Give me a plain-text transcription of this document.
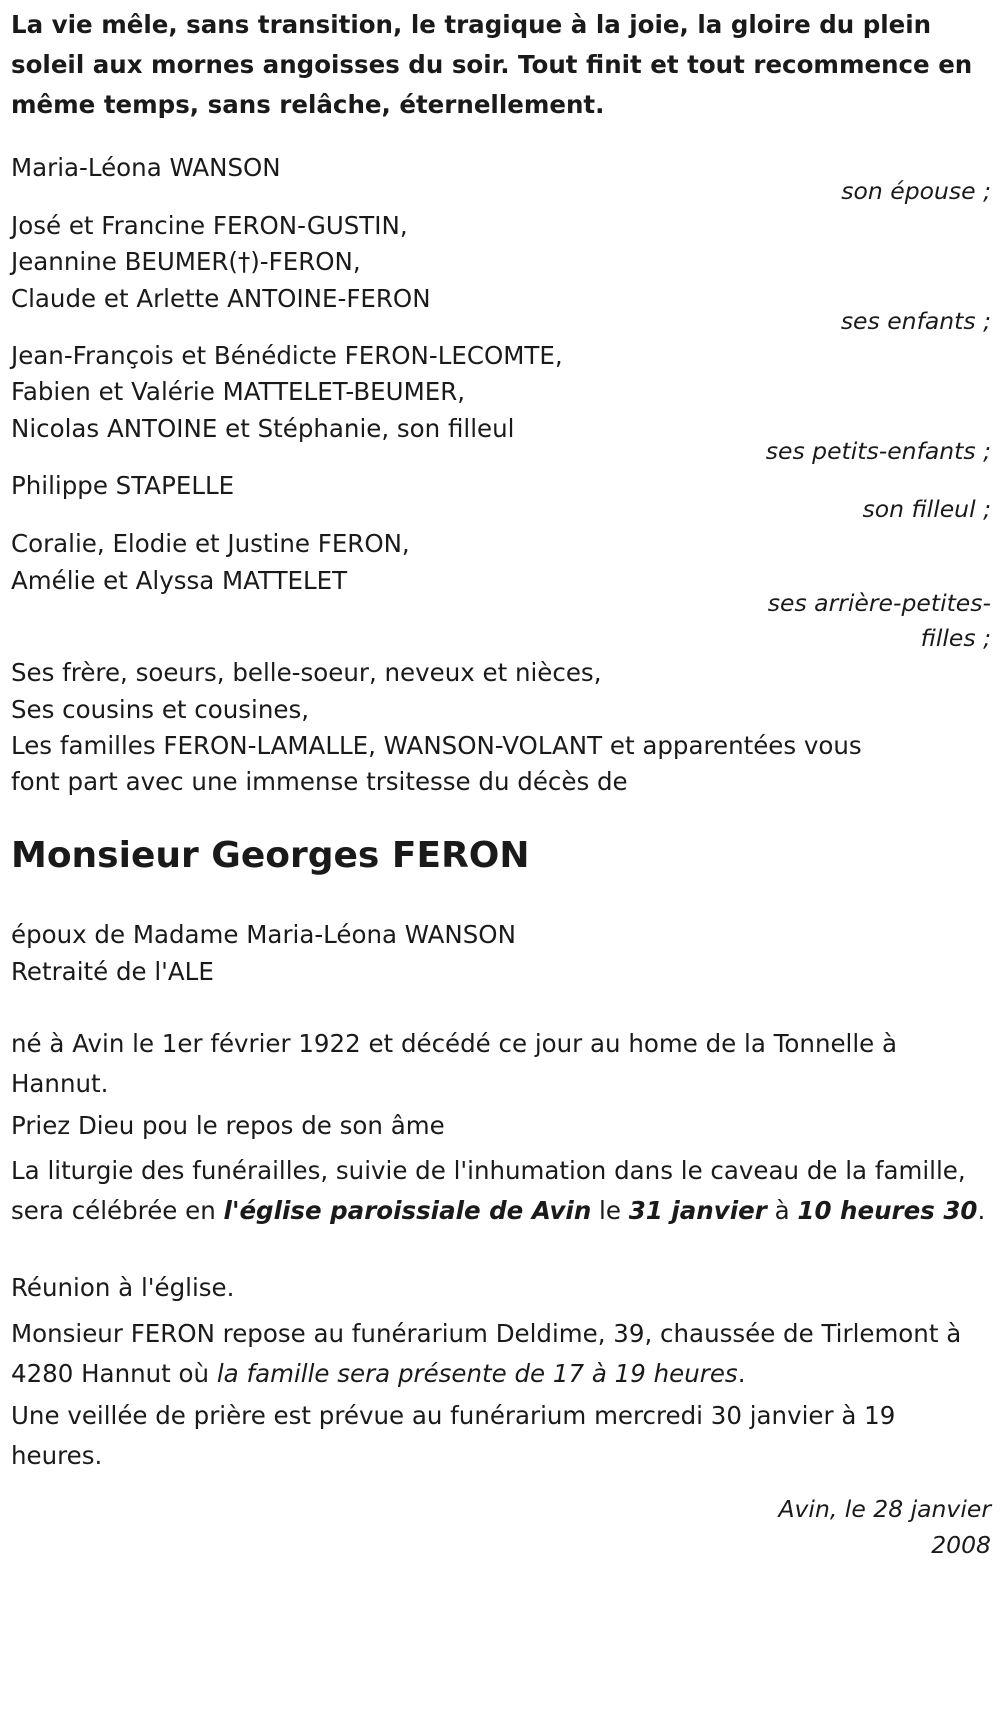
La vie mêle, sans transition, le tragique à la joie, la gloire du plein soleil aux mornes angoisses du soir. Tout finit et tout recommence en même temps, sans relâche, éternellement.
Maria-Léona WANSON
son épouse ;
José et Francine FERON-GUSTIN,
Jeannine BEUMER(†)-FERON,
Claude et Arlette ANTOINE-FERON
ses enfants ;
Jean-François et Bénédicte FERON-LECOMTE,
Fabien et Valérie MATTELET-BEUMER,
Nicolas ANTOINE et Stéphanie, son filleul
ses petits-enfants ;
Philippe STAPELLE
son filleul ;
Coralie, Elodie et Justine FERON,
Amélie et Alyssa MATTELET
ses arrière-petites-
filles ;
Ses frère, soeurs, belle-soeur, neveux et nièces,
Ses cousins et cousines,
Les familles FERON-LAMALLE, WANSON-VOLANT et apparentées vous
font part avec une immense trsitesse du décès de
Monsieur Georges FERON
époux de Madame Maria-Léona WANSON
Retraité de l'ALE
né à Avin le 1er février 1922 et décédé ce jour au home de la Tonnelle à Hannut.
Priez Dieu pou le repos de son âme
La liturgie des funérailles, suivie de l'inhumation dans le caveau de la famille, sera célébrée en l'église paroissiale de Avin le 31 janvier à 10 heures 30.
Réunion à l'église.
Monsieur FERON repose au funérarium Deldime, 39, chaussée de Tirlemont à 4280 Hannut où la famille sera présente de 17 à 19 heures.
Une veillée de prière est prévue au funérarium mercredi 30 janvier à 19 heures.
Avin, le 28 janvier
2008
